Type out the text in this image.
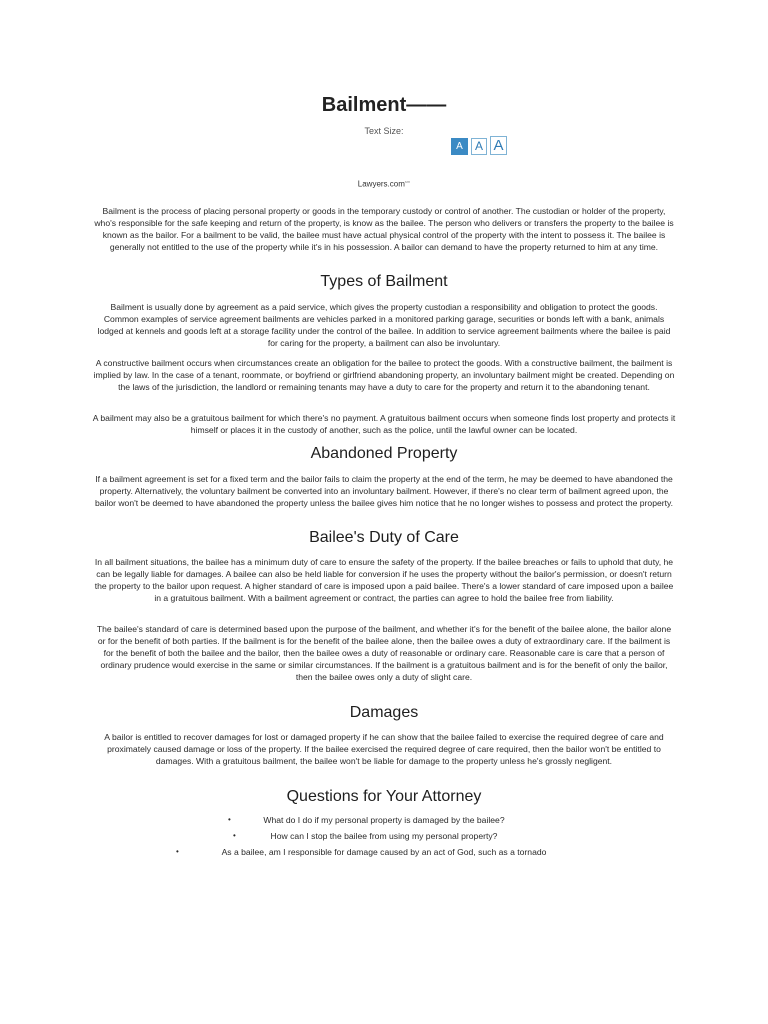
Bailment——
Text Size:
A	A A
Lawyers.com$^{sm}$

Bailment is the process of placing personal property or goods in the temporary custody or control of another. The custodian or holder of the property, who's responsible for the safe keeping and return of the property, is know as the bailee. The person who delivers or transfers the property to the bailee is known as the bailor. For a bailment to be valid, the bailee must have actual physical control of the property with the intent to possess it. The bailee is generally not entitled to the use of the property while it's in his possession. A bailor can demand to have the property returned to him at any time.

Types of Bailment

Bailment is usually done by agreement as a paid service, which gives the property custodian a responsibility and obligation to protect the goods. Common examples of service agreement bailments are vehicles parked in a monitored parking garage, securities or bonds left with a bank, animals lodged at kennels and goods left at a storage facility under the control of the bailee. In addition to service agreement bailments where the bailee is paid for caring for the property, a bailment can also be involuntary.

A constructive bailment occurs when circumstances create an obligation for the bailee to protect the goods. With a constructive bailment, the bailment is implied by law. In the case of a tenant, roommate, or boyfriend or girlfriend abandoning property, an involuntary bailment might be created. Depending on the laws of the jurisdiction, the landlord or remaining tenants may have a duty to care for the property and return it to the abandoning tenant.

A bailment may also be a gratuitous bailment for which there's no payment. A gratuitous bailment occurs when someone finds lost property and protects it himself or places it in the custody of another, such as the police, until the lawful owner can be located.

Abandoned Property

If a bailment agreement is set for a fixed term and the bailor fails to claim the property at the end of the term, he may be deemed to have abandoned the property. Alternatively, the voluntary bailment be converted into an involuntary bailment. However, if there's no clear term of bailment agreed upon, the bailor won't be deemed to have abandoned the property unless the bailee gives him notice that he no longer wishes to possess and protect the property.

Bailee's Duty of Care

In all bailment situations, the bailee has a minimum duty of care to ensure the safety of the property. If the bailee breaches or fails to uphold that duty, he can be legally liable for damages. A bailee can also be held liable for conversion if he uses the property without the bailor's permission, or doesn't return the property to the bailor upon request. A higher standard of care is imposed upon a paid bailee. There's a lower standard of care imposed upon a bailee in a gratuitous bailment. With a bailment agreement or contract, the parties can agree to hold the bailee free from liability.

The bailee's standard of care is determined based upon the purpose of the bailment, and whether it's for the benefit of the bailee alone, the bailor alone or for the benefit of both parties. If the bailment is for the benefit of the bailee alone, then the bailee owes a duty of extraordinary care. If the bailment is for the benefit of both the bailee and the bailor, then the bailee owes a duty of reasonable or ordinary care. Reasonable care is care that a person of ordinary prudence would exercise in the same or similar circumstances. If the bailment is a gratuitous bailment and is for the benefit of only the bailor, then the bailee owes only a duty of slight care.

Damages

A bailor is entitled to recover damages for lost or damaged property if he can show that the bailee failed to exercise the required degree of care and proximately caused damage or loss of the property. If the bailee exercised the required degree of care required, then the bailor won't be entitled to damages. With a gratuitous bailment, the bailee won't be liable for damage to the property unless he's grossly negligent.

Questions for Your Attorney
•	What do I do if my personal property is damaged by the bailee?
•	How can I stop the bailee from using my personal property?
•	As a bailee, am I responsible for damage caused by an act of God, such as a tornado
